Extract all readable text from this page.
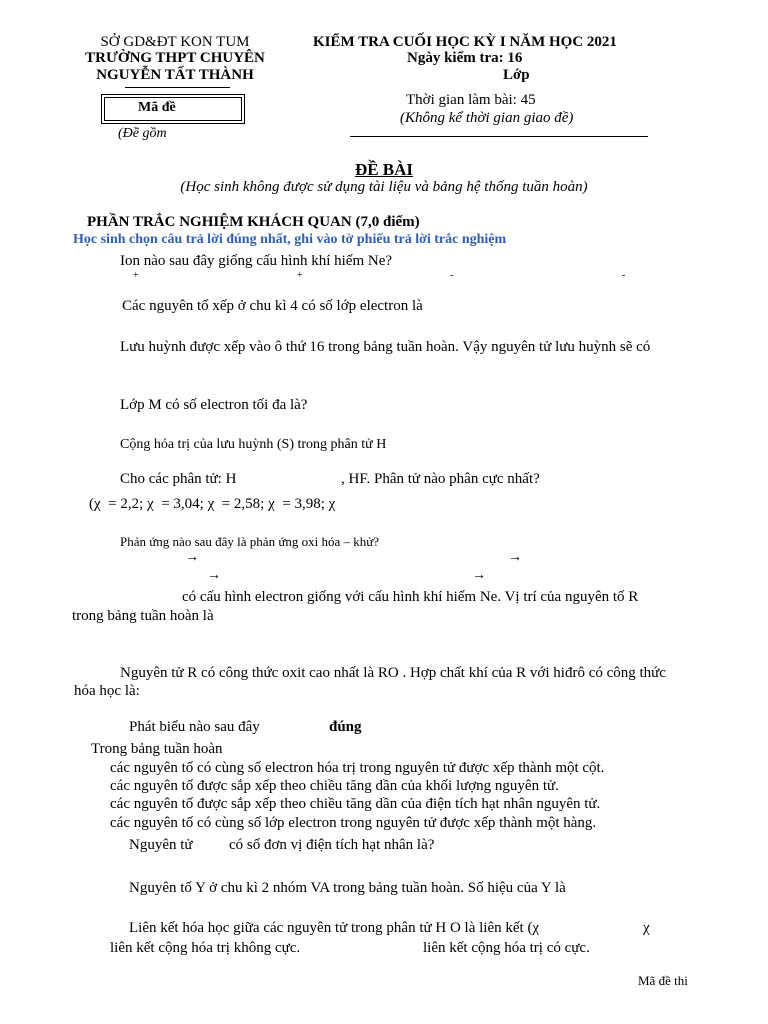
SỞ GD&ĐT KON TUM
TRƯỜNG THPT CHUYÊN
NGUYỄN TẤT THÀNH
Mã đề
(Đề gồm
KIỂM TRA CUỐI HỌC KỲ I NĂM HỌC 2021
Ngày kiểm tra: 16
Lớp
Thời gian làm bài: 45
(Không kể thời gian giao đề)
ĐỀ BÀI
(Học sinh không được sử dụng tài liệu và bảng hệ thống tuần hoàn)
PHẦN TRẮC NGHIỆM KHÁCH QUAN (7,0 điểm)
Học sinh chọn câu trả lời đúng nhất, ghi vào tờ phiếu trả lời trắc nghiệm
Ion nào sau đây giống cấu hình khí hiếm Ne?
+	+	-	-
Các nguyên tố xếp ở chu kì 4 có số lớp electron là
Lưu huỳnh được xếp vào ô thứ 16 trong bảng tuần hoàn. Vậy nguyên tử lưu huỳnh sẽ có
Lớp M có số electron tối đa là?
Cộng hóa trị của lưu huỳnh (S) trong phân tử H
Cho các phân tử: H	, HF. Phân tử nào phân cực nhất?
(χ  = 2,2; χ  = 3,04; χ  = 2,58; χ  = 3,98; χ
Phản ứng nào sau đây là phản ứng oxi hóa – khử?
→	→
→	→
có cấu hình electron giống với cấu hình khí hiếm Ne. Vị trí của nguyên tố R
trong bảng tuần hoàn là
Nguyên tử R có công thức oxit cao nhất là RO . Hợp chất khí của R với hiđrô có công thức
hóa học là:
Phát biểu nào sau đây	đúng
Trong bảng tuần hoàn
các nguyên tố có cùng số electron hóa trị trong nguyên tử được xếp thành một cột.
các nguyên tố được sắp xếp theo chiều tăng dần của khối lượng nguyên tử.
các nguyên tố được sắp xếp theo chiều tăng dần của điện tích hạt nhân nguyên tử.
các nguyên tố có cùng số lớp electron trong nguyên tử được xếp thành một hàng.
Nguyên tử có số đơn vị điện tích hạt nhân là?
Nguyên tố Y ở chu kì 2 nhóm VA trong bảng tuần hoàn. Số hiệu của Y là
Liên kết hóa học giữa các nguyên tử trong phân tử H O là liên kết (χ	χ
liên kết cộng hóa trị không cực.	liên kết cộng hóa trị có cực.
Mã đề thi
